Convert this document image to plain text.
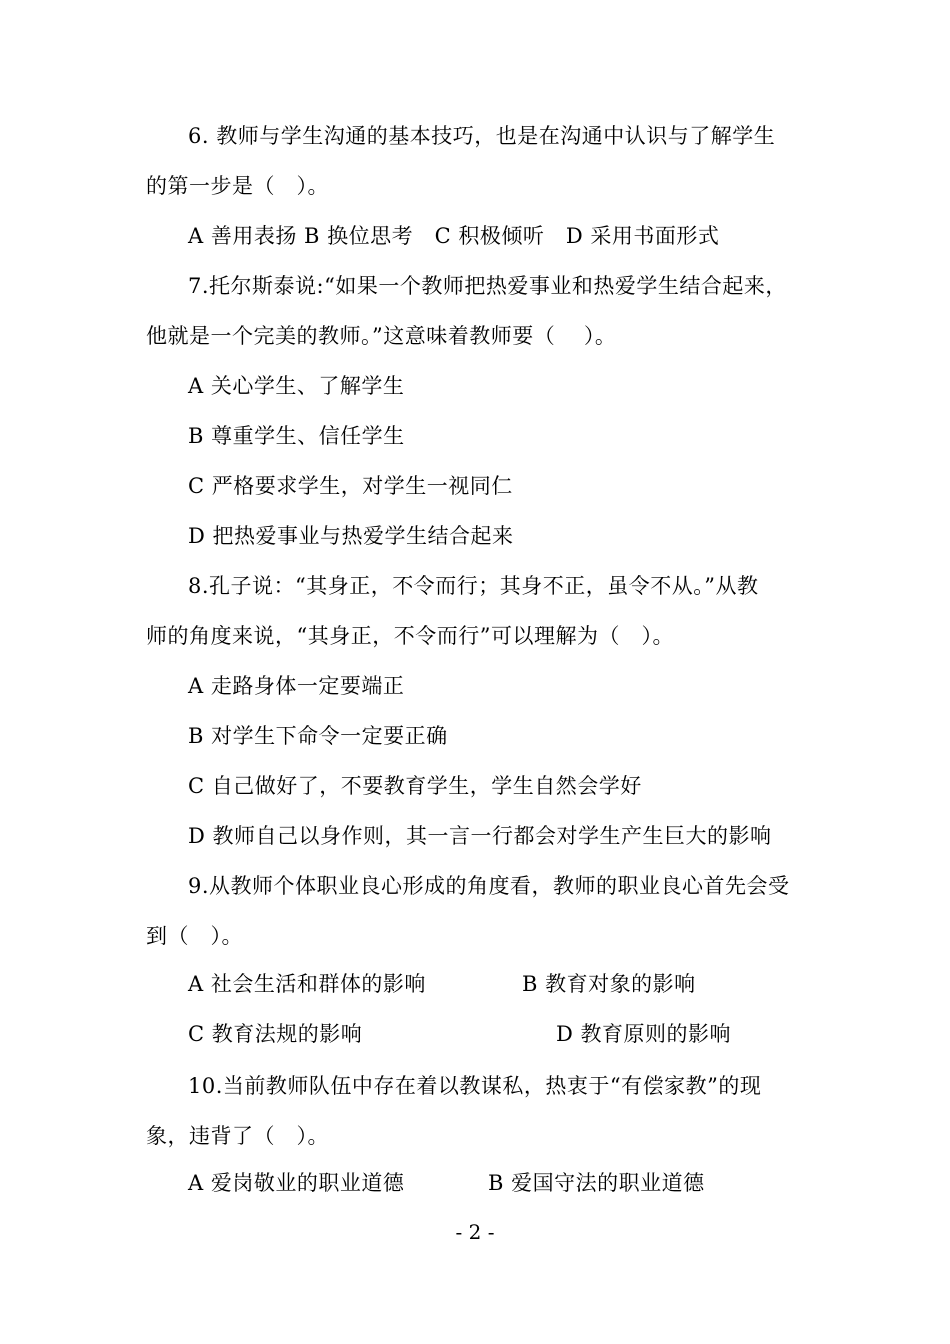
6. 教师与学生沟通的基本技巧，也是在沟通中认识与了解学生
的第一步是（　）。
A 善用表扬 B 换位思考　C 积极倾听　D 采用书面形式
7.托尔斯泰说:“如果一个教师把热爱事业和热爱学生结合起来，
他就是一个完美的教师。”这意味着教师要（　 ）。
A 关心学生、了解学生
B 尊重学生、信任学生
C 严格要求学生，对学生一视同仁
D 把热爱事业与热爱学生结合起来
8.孔子说：“其身正，不令而行；其身不正，虽令不从。”从教
师的角度来说，“其身正，不令而行”可以理解为（　）。
A 走路身体一定要端正
B 对学生下命令一定要正确
C 自己做好了，不要教育学生，学生自然会学好
D 教师自己以身作则，其一言一行都会对学生产生巨大的影响
9.从教师个体职业良心形成的角度看，教师的职业良心首先会受
到（　）。
A 社会生活和群体的影响	B 教育对象的影响
C 教育法规的影响	D 教育原则的影响
10.当前教师队伍中存在着以教谋私，热衷于“有偿家教”的现
象，违背了（　）。
A 爱岗敬业的职业道德	B 爱国守法的职业道德
- 2 -
